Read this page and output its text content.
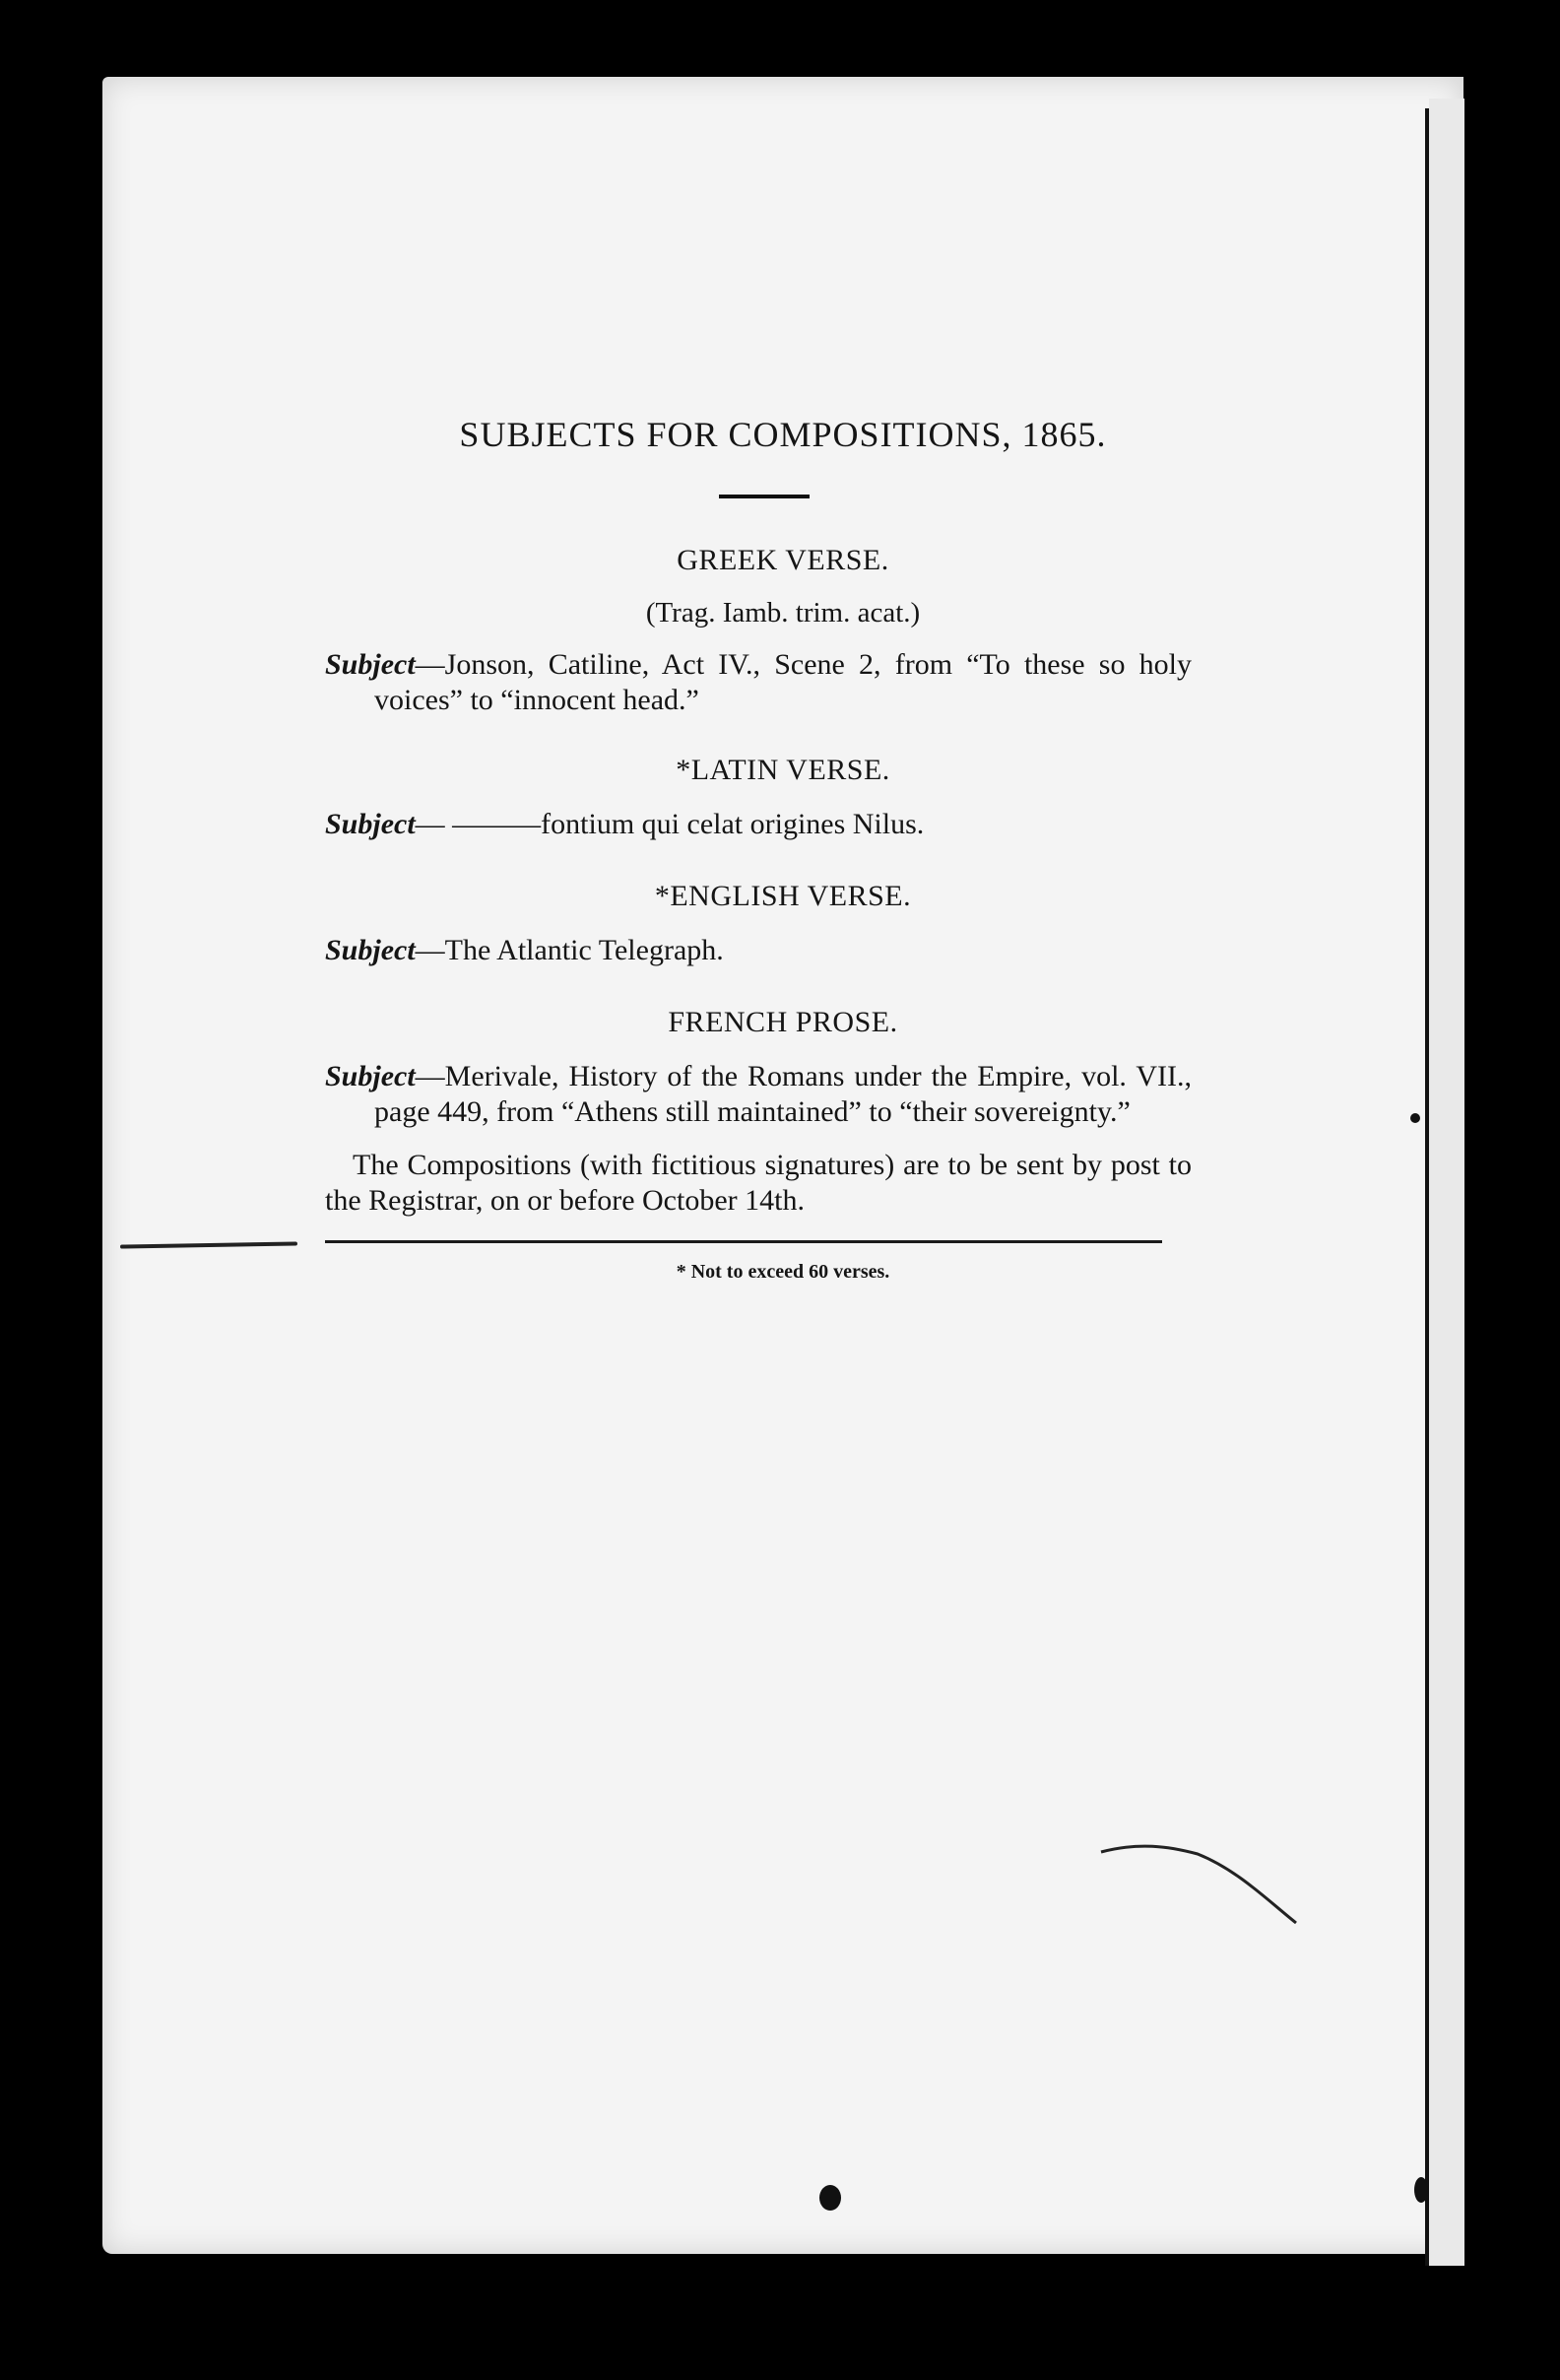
SUBJECTS FOR COMPOSITIONS, 1865.
GREEK VERSE.
(Trag. Iamb. trim. acat.)
Subject—Jonson, Catiline, Act IV., Scene 2, from “To these so holy voices” to “innocent head.”
*LATIN VERSE.
Subject— ———fontium qui celat origines Nilus.
*ENGLISH VERSE.
Subject—The Atlantic Telegraph.
FRENCH PROSE.
Subject—Merivale, History of the Romans under the Empire, vol. VII., page 449, from “Athens still maintained” to “their sovereignty.”

The Compositions (with fictitious signatures) are to be sent by post to the Registrar, on or before October 14th.

* Not to exceed 60 verses.
